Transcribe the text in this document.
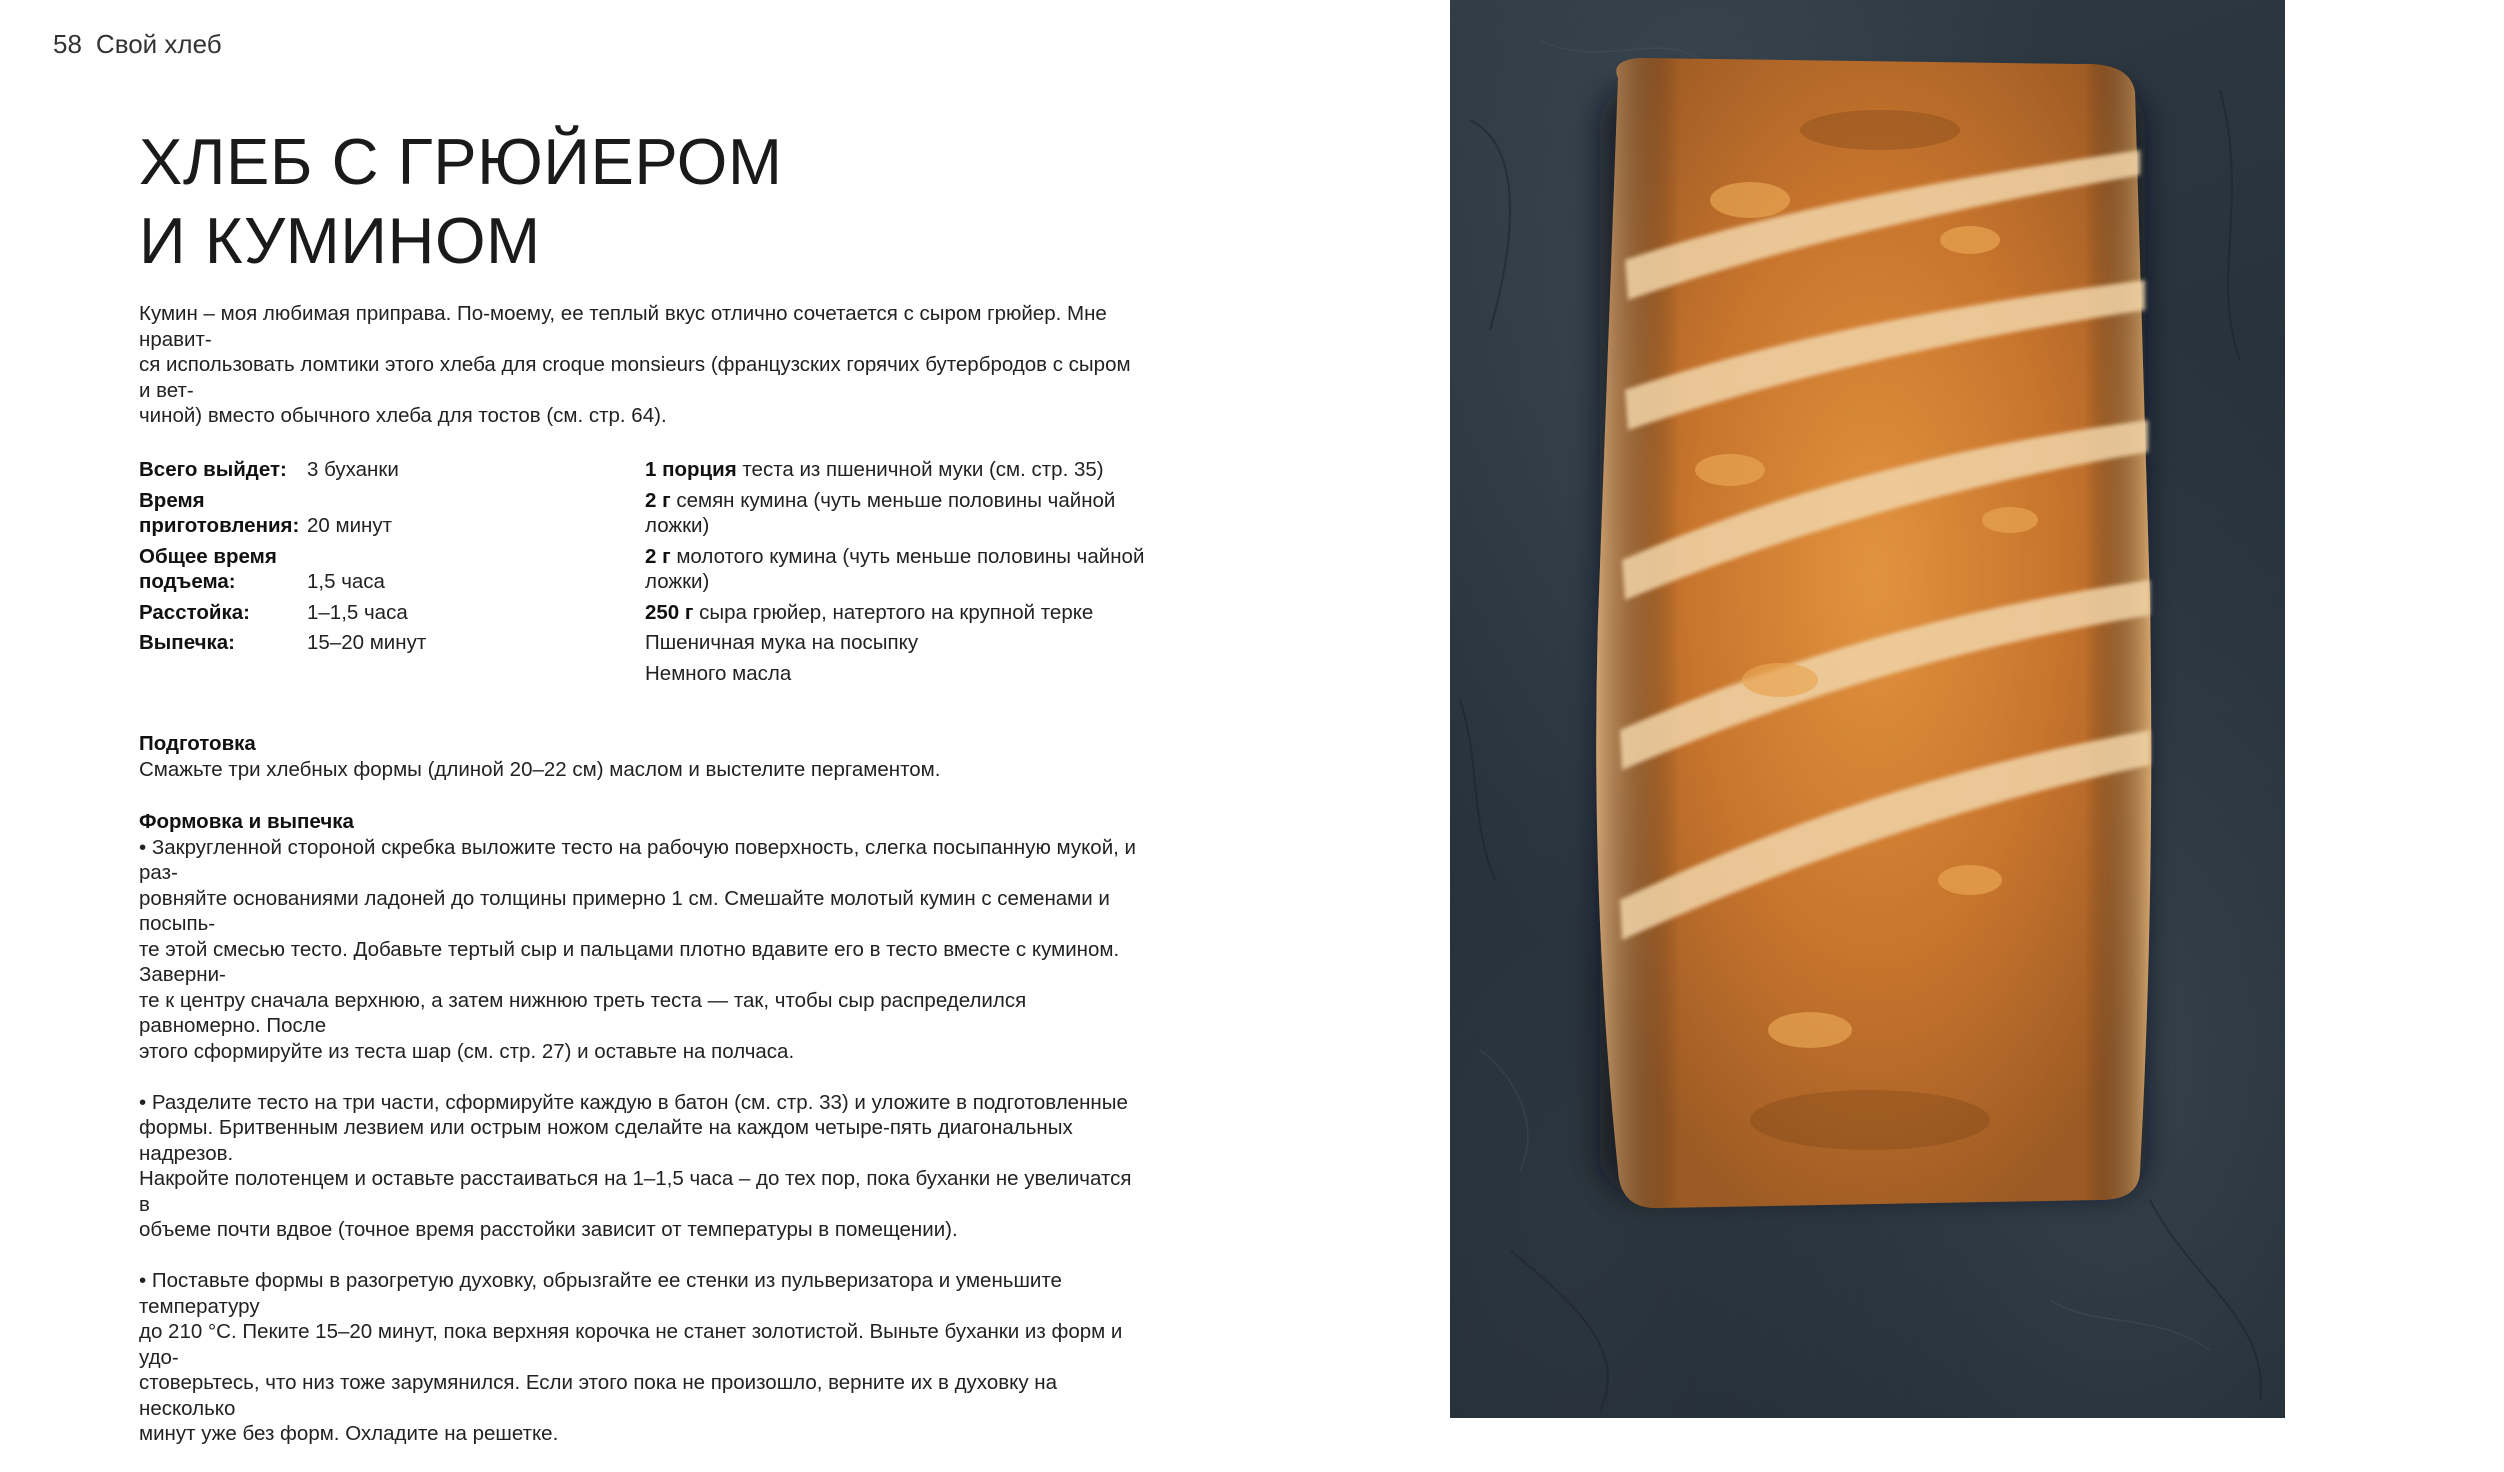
58 Свой хлеб
ХЛЕБ С ГРЮЙЕРОМ
И КУМИНОМ
Кумин – моя любимая приправа. По-моему, ее теплый вкус отлично сочетается с сыром грюйер. Мне нравит-
ся использовать ломтики этого хлеба для croque monsieurs (французских горячих бутербродов с сыром и вет-
чиной) вместо обычного хлеба для тостов (см. стр. 64).
Всего выйдет: 3 буханки
Время
приготовления: 20 минут
Общее время
подъема:	1,5 часа
Расстойка:	1–1,5 часа
Выпечка:	15–20 минут
1 порция теста из пшеничной муки (см. стр. 35)
2 г семян кумина (чуть меньше половины чайной
ложки)
2 г молотого кумина (чуть меньше половины чайной
ложки)
250 г сыра грюйер, натертого на крупной терке
Пшеничная мука на посыпку
Немного масла
Подготовка
Смажьте три хлебных формы (длиной 20–22 см) маслом и выстелите пергаментом.
Формовка и выпечка
• Закругленной стороной скребка выложите тесто на рабочую поверхность, слегка посыпанную мукой, и раз-
ровняйте основаниями ладоней до толщины примерно 1 см. Смешайте молотый кумин с семенами и посыпь-
те этой смесью тесто. Добавьте тертый сыр и пальцами плотно вдавите его в тесто вместе с кумином. Заверни-
те к центру сначала верхнюю, а затем нижнюю треть теста — так, чтобы сыр распределился равномерно. После
этого сформируйте из теста шар (см. стр. 27) и оставьте на полчаса.
• Разделите тесто на три части, сформируйте каждую в батон (см. стр. 33) и уложите в подготовленные
формы. Бритвенным лезвием или острым ножом сделайте на каждом четыре-пять диагональных надрезов.
Накройте полотенцем и оставьте расстаиваться на 1–1,5 часа – до тех пор, пока буханки не увеличатся в
объеме почти вдвое (точное время расстойки зависит от температуры в помещении).
• Поставьте формы в разогретую духовку, обрызгайте ее стенки из пульверизатора и уменьшите температуру
до 210 °С. Пеките 15–20 минут, пока верхняя корочка не станет золотистой. Выньте буханки из форм и удо-
стоверьтесь, что низ тоже зарумянился. Если этого пока не произошло, верните их в духовку на несколько
минут уже без форм. Охладите на решетке.
